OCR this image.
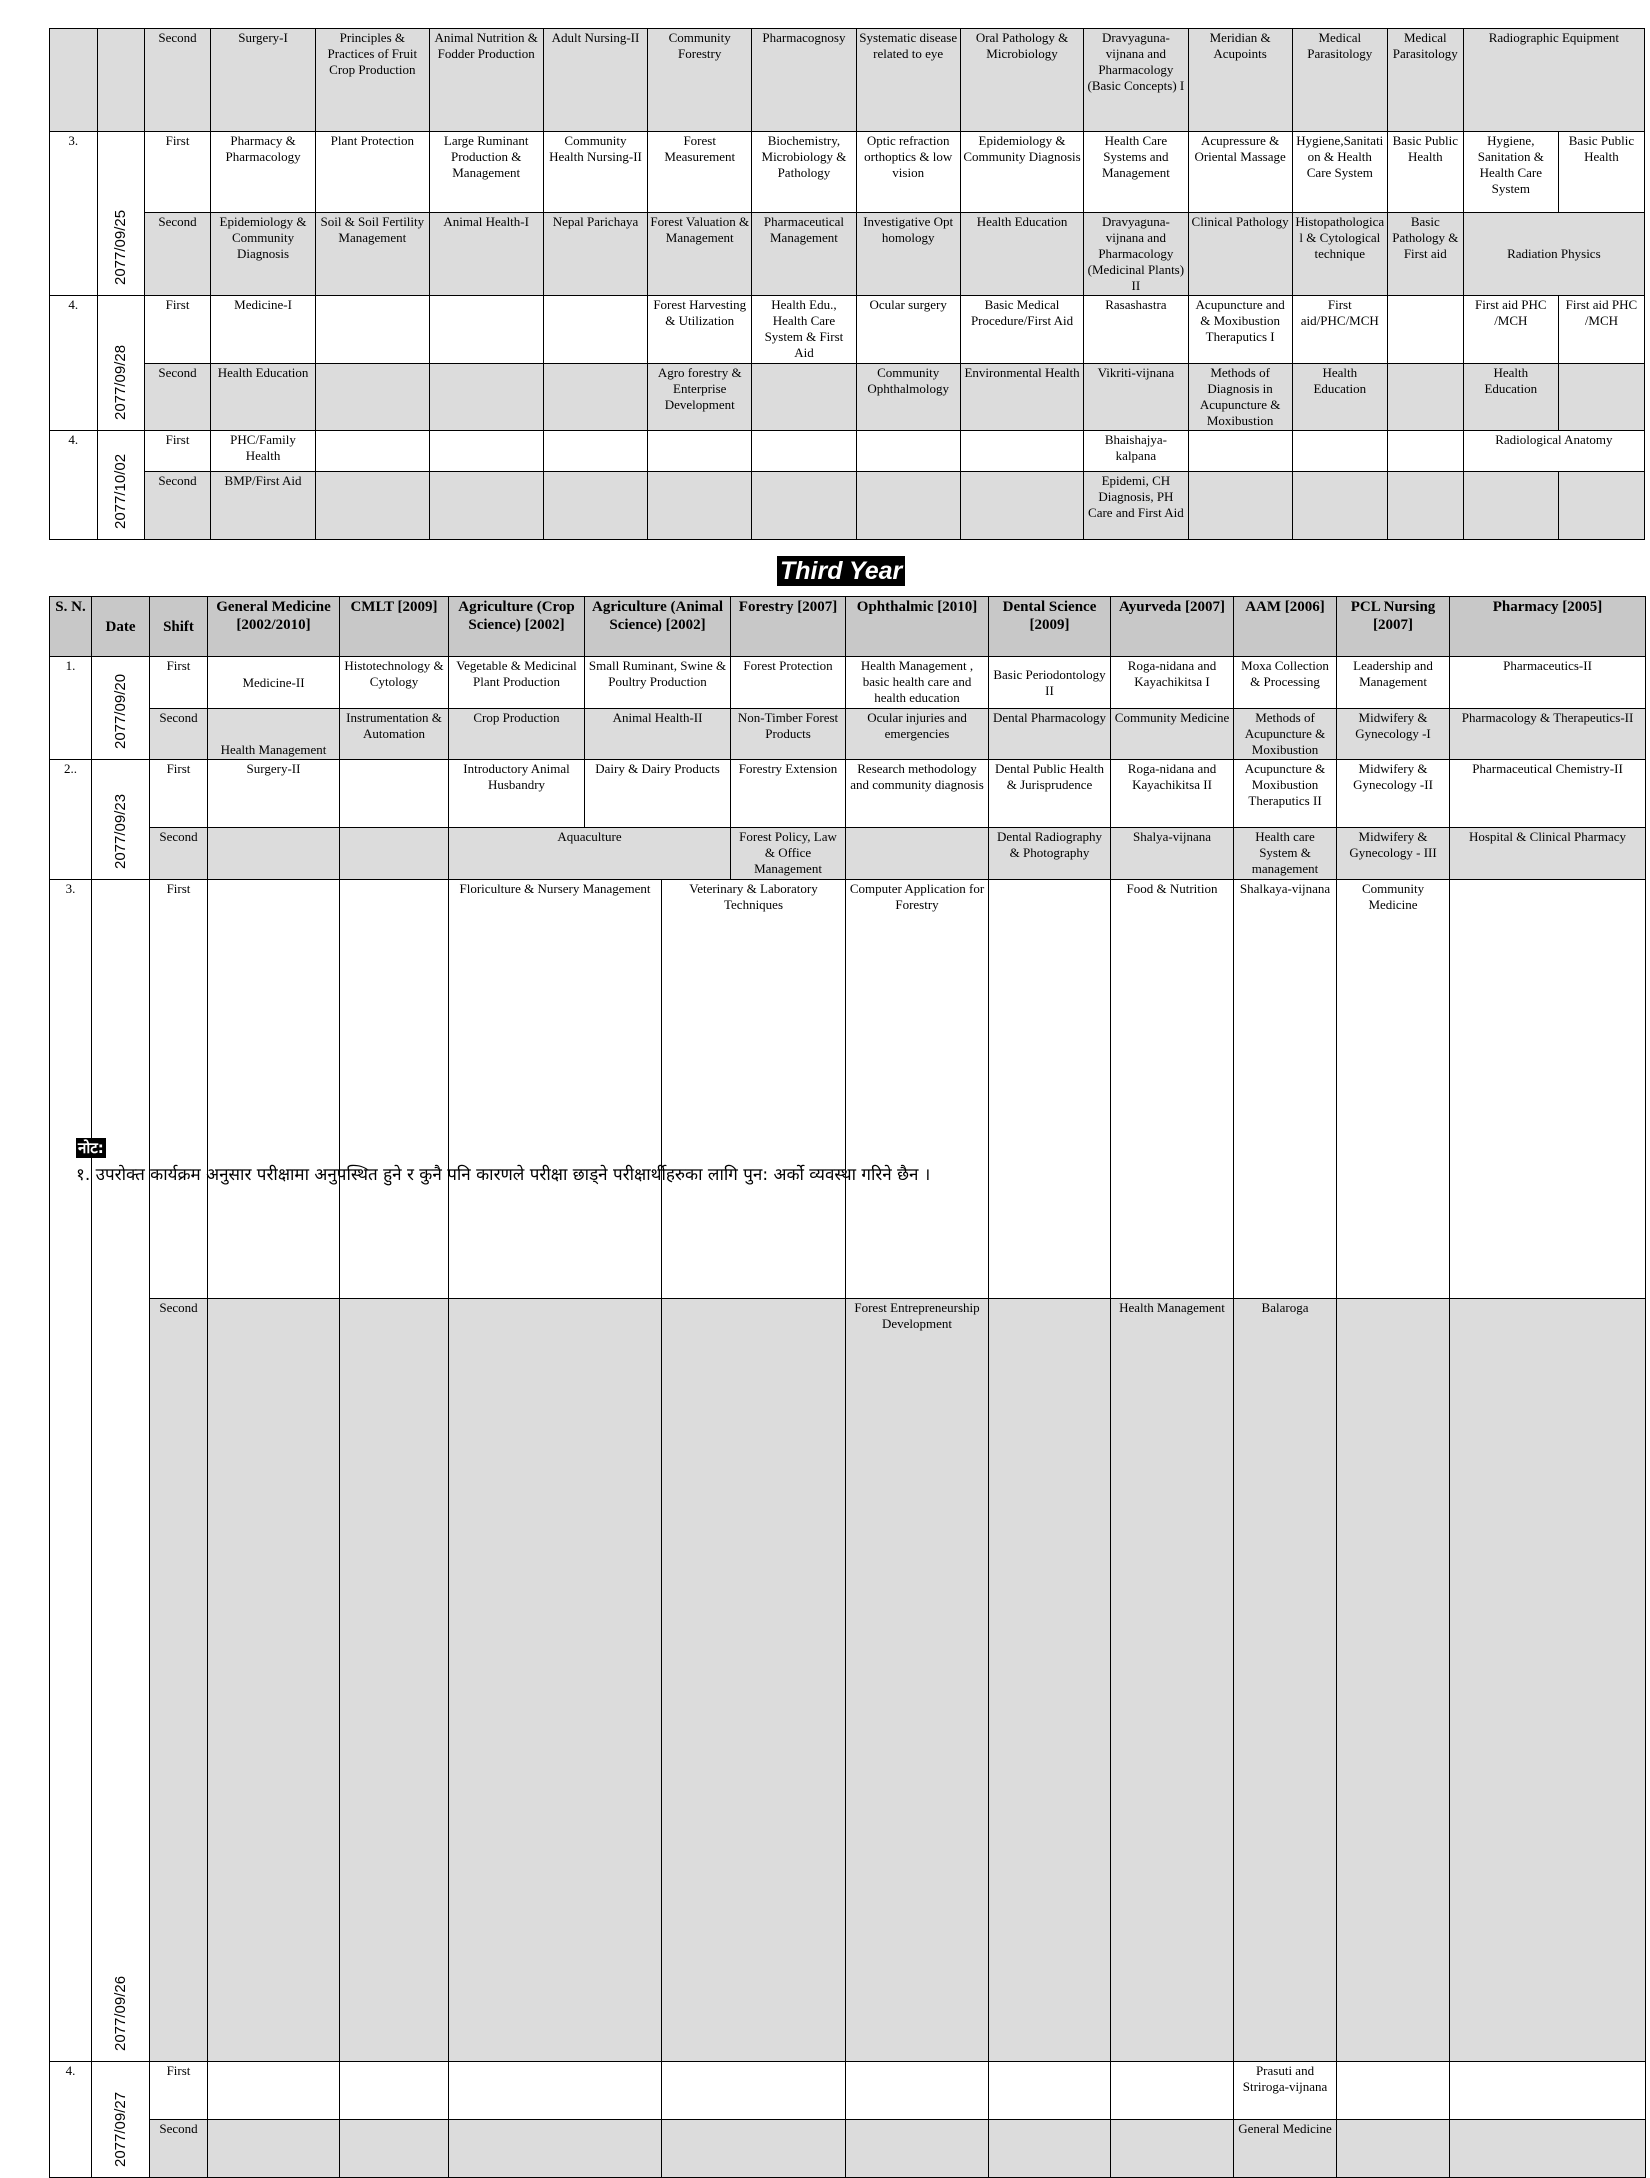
		Second	Surgery-I	Principles & Practices of Fruit Crop Production	Animal Nutrition & Fodder Production	Adult Nursing-II	Community Forestry	Pharmacognosy	Systematic disease related to eye	Oral Pathology & Microbiology	Dravyaguna-vijnana and Pharmacology (Basic Concepts) I	Meridian & Acupoints	Medical Parasitology	Medical Parasitology	Radiographic Equipment	
3.	2077/09/25	First	Pharmacy & Pharmacology	Plant Protection	Large Ruminant Production & Management	Community Health Nursing-II	Forest Measurement	Biochemistry, Microbiology & Pathology	Optic refraction orthoptics & low vision	Epidemiology & Community Diagnosis	Health Care Systems and Management	Acupressure & Oriental Massage	Hygiene,Sanitation & Health Care System	Basic Public Health	Hygiene, Sanitation & Health Care System	Basic Public Health
		Second	Epidemiology & Community Diagnosis	Soil & Soil Fertility Management	Animal Health-I	Nepal Parichaya	Forest Valuation & Management	Pharmaceutical Management	Investigative Opt homology	Health Education	Dravyaguna-vijnana and Pharmacology (Medicinal Plants) II	Clinical Pathology	Histopathological & Cytological technique	Basic Pathology & First aid	Radiation Physics	
4.	2077/09/28	First	Medicine-I				Forest Harvesting & Utilization	Health Edu., Health Care System & First Aid	Ocular surgery	Basic Medical Procedure/First Aid	Rasashastra	Acupuncture and & Moxibustion Theraputics I	First aid/PHC/MCH		First aid PHC /MCH	First aid PHC /MCH
		Second	Health Education				Agro forestry & Enterprise Development		Community Ophthalmology	Environmental Health	Vikriti-vijnana	Methods of Diagnosis in Acupuncture & Moxibustion	Health Education		Health Education	
4.	2077/10/02	First	PHC/Family Health								Bhaishajya-kalpana				Radiological Anatomy	
		Second	BMP/First Aid								Epidemi, CH Diagnosis, PH Care and First Aid					
Third Year
S. N.	Date	Shift	General Medicine [2002/2010]	CMLT [2009]	Agriculture (Crop Science) [2002]	Agriculture (Animal Science) [2002]		Forestry [2007]	Ophthalmic [2010]	Dental Science [2009]	Ayurveda [2007]	AAM [2006]	PCL Nursing [2007]	Pharmacy [2005]	
1.	2077/09/20	First	Medicine-II	Histotechnology & Cytology	Vegetable & Medicinal Plant Production	Small Ruminant, Swine & Poultry Production		Forest Protection	Health Management , basic health care and health education	Basic Periodontology II	Roga-nidana and Kayachikitsa I	Moxa Collection & Processing	Leadership and Management	Pharmaceutics-II	
		Second	Health Management	Instrumentation & Automation	Crop Production	Animal Health-II		Non-Timber Forest Products	Ocular injuries and emergencies	Dental Pharmacology	Community Medicine	Methods of Acupuncture & Moxibustion	Midwifery & Gynecology -I	Pharmacology & Therapeutics-II	
2..	2077/09/23	First	Surgery-II		Introductory Animal Husbandry	Dairy & Dairy Products		Forestry Extension	Research methodology and community diagnosis	Dental Public Health & Jurisprudence	Roga-nidana and Kayachikitsa II	Acupuncture & Moxibustion Theraputics II	Midwifery & Gynecology -II	Pharmaceutical Chemistry-II	
		Second			Aquaculture			Forest Policy, Law & Office Management		Dental Radiography & Photography	Shalya-vijnana	Health care System & management	Midwifery & Gynecology - III	Hospital & Clinical Pharmacy	
3.	2077/09/26	First			Floriculture & Nursery Management		Veterinary & Laboratory Techniques		Computer Application for Forestry		Food & Nutrition	Shalkaya-vijnana	Community Medicine		
		Second							Forest Entrepreneurship Development		Health Management	Balaroga			
4.	2077/09/27	First										Prasuti and Striroga-vijnana			
		Second										General Medicine			
नोट:
१. उपरोक्त कार्यक्रम अनुसार परीक्षामा अनुपस्थित हुने र कुनै पनि कारणले परीक्षा छाड्ने परीक्षार्थीहरुका लागि पुन: अर्को व्यवस्था गरिने छैन ।
